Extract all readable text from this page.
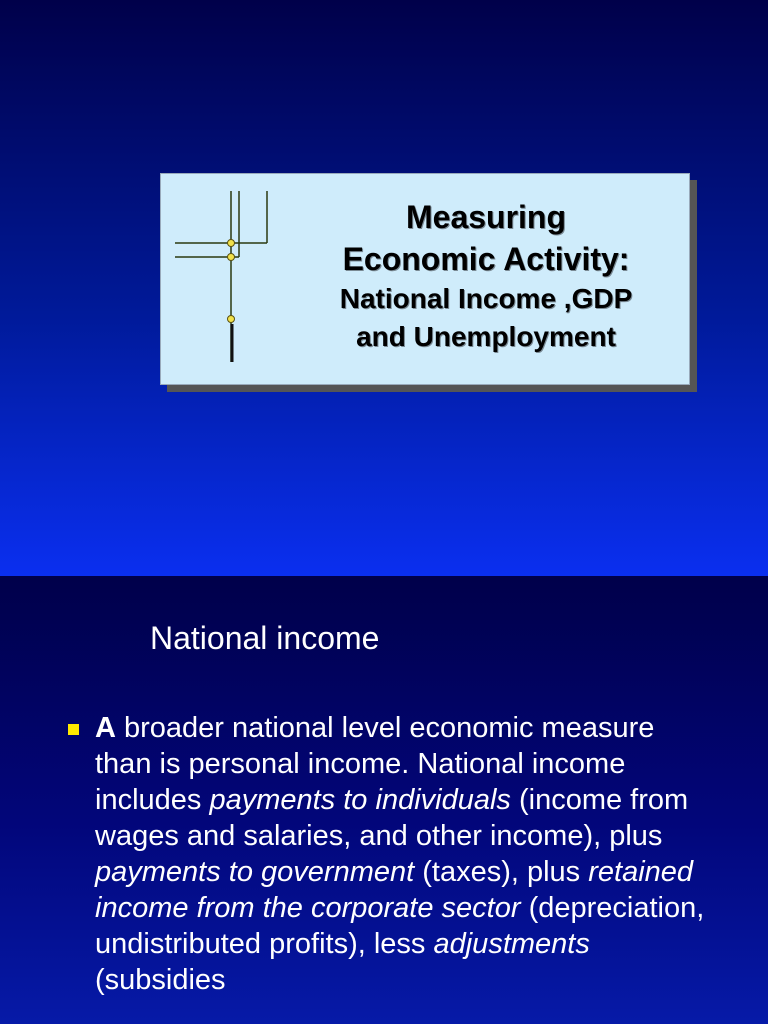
Measuring
Economic Activity:
National Income ,GDP
and Unemployment
National income

A broader national level economic measure than is personal income. National income includes payments to individuals (income from wages and salaries, and other income), plus payments to government (taxes), plus retained income from the corporate sector (depreciation, undistributed profits), less adjustments (subsidies
